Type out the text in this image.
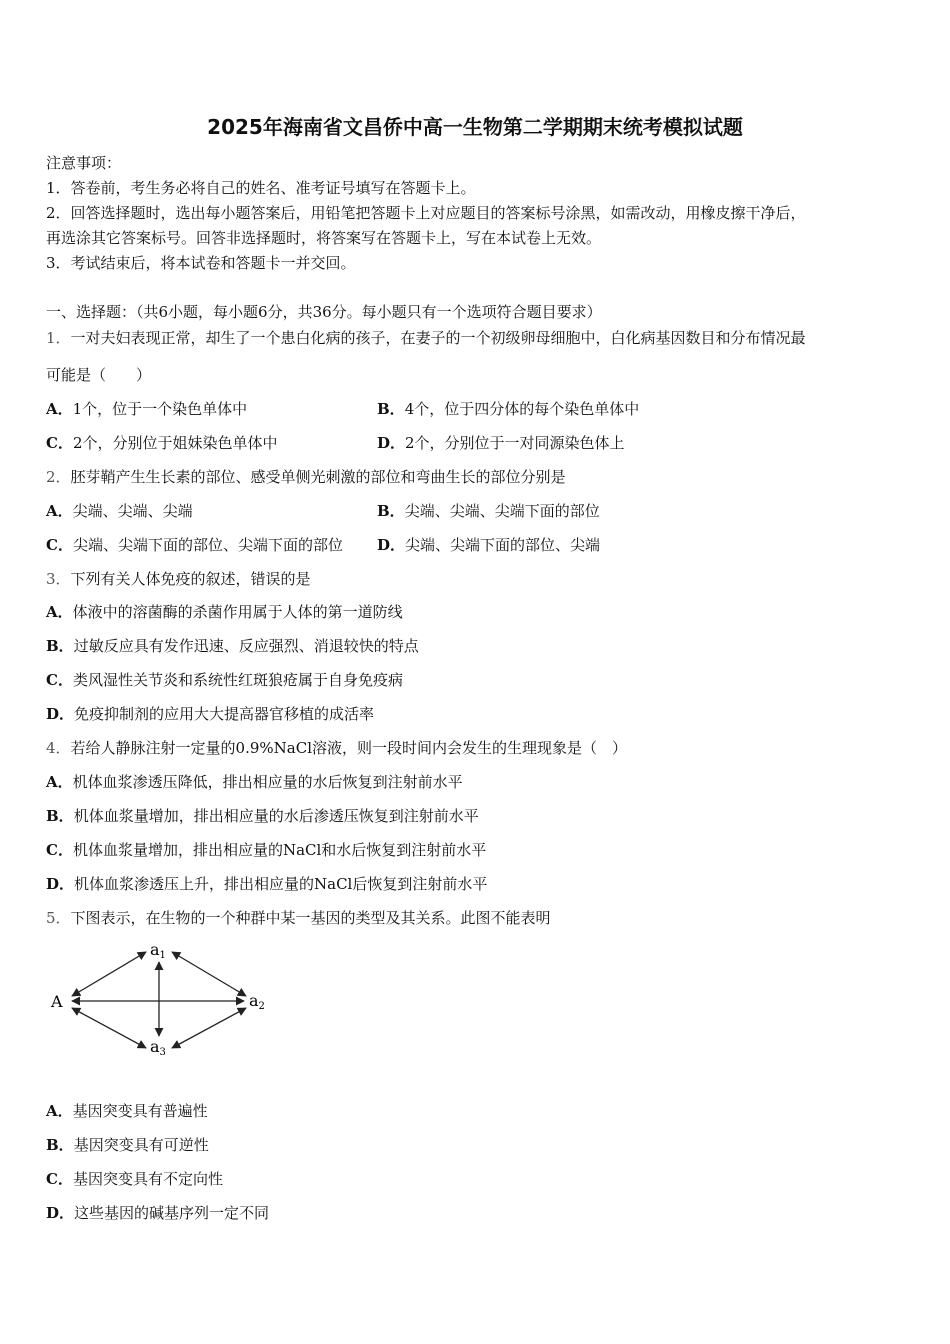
2025年海南省文昌侨中高一生物第二学期期末统考模拟试题
注意事项：
1．答卷前，考生务必将自己的姓名、准考证号填写在答题卡上。
2．回答选择题时，选出每小题答案后，用铅笔把答题卡上对应题目的答案标号涂黑，如需改动，用橡皮擦干净后，
再选涂其它答案标号。回答非选择题时，将答案写在答题卡上，写在本试卷上无效。
3．考试结束后，将本试卷和答题卡一并交回。
一、选择题：（共6小题，每小题6分，共36分。每小题只有一个选项符合题目要求）
1．一对夫妇表现正常，却生了一个患白化病的孩子，在妻子的一个初级卵母细胞中，白化病基因数目和分布情况最
可能是（　　）
A．1个，位于一个染色单体中	B．4个，位于四分体的每个染色单体中
C．2个，分别位于姐妹染色单体中	D．2个，分别位于一对同源染色体上
2．胚芽鞘产生生长素的部位、感受单侧光刺激的部位和弯曲生长的部位分别是
A．尖端、尖端、尖端	B．尖端、尖端、尖端下面的部位
C．尖端、尖端下面的部位、尖端下面的部位 D．尖端、尖端下面的部位、尖端
3．下列有关人体免疫的叙述，错误的是
A．体液中的溶菌酶的杀菌作用属于人体的第一道防线
B．过敏反应具有发作迅速、反应强烈、消退较快的特点
C．类风湿性关节炎和系统性红斑狼疮属于自身免疫病
D．免疫抑制剂的应用大大提高器官移植的成活率
4．若给人静脉注射一定量的0.9%NaCl溶液，则一段时间内会发生的生理现象是（　）
A．机体血浆渗透压降低，排出相应量的水后恢复到注射前水平
B．机体血浆量增加，排出相应量的水后渗透压恢复到注射前水平
C．机体血浆量增加，排出相应量的NaCl和水后恢复到注射前水平
D．机体血浆渗透压上升，排出相应量的NaCl后恢复到注射前水平
5．下图表示，在生物的一个种群中某一基因的类型及其关系。此图不能表明
A
a1
a2
a3
A．基因突变具有普遍性
B．基因突变具有可逆性
C．基因突变具有不定向性
D．这些基因的碱基序列一定不同
